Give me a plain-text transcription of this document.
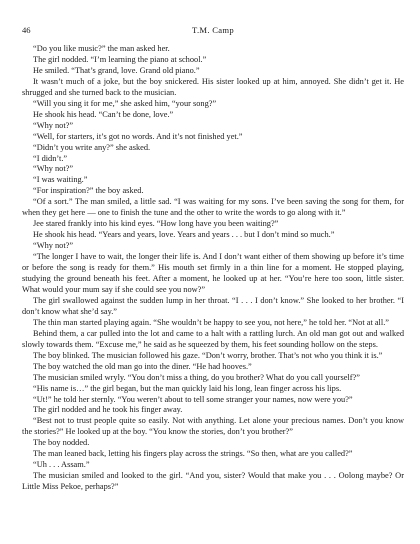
46	T.M. Camp

“Do you like music?” the man asked her.

The girl nodded. “I’m learning the piano at school.”

He smiled. “That’s grand, love. Grand old piano.”

It wasn’t much of a joke, but the boy snickered. His sister looked up at him, annoyed. She didn’t get it. He shrugged and she turned back to the musician.

“Will you sing it for me,” she asked him, “your song?”

He shook his head. “Can’t be done, love.”

“Why not?”

“Well, for starters, it’s got no words. And it’s not finished yet.”

“Didn’t you write any?” she asked.

“I didn’t.”

“Why not?”

“I was waiting.”

“For inspiration?” the boy asked.

“Of a sort.” The man smiled, a little sad. “I was waiting for my sons. I’ve been saving the song for them, for when they get here — one to finish the tune and the other to write the words to go along with it.”

Jee stared frankly into his kind eyes. “How long have you been waiting?”

He shook his head. “Years and years, love. Years and years . . . but I don’t mind so much.”

“Why not?”

“The longer I have to wait, the longer their life is. And I don’t want either of them showing up before it’s time or before the song is ready for them.” His mouth set firmly in a thin line for a moment. He stopped playing, studying the ground beneath his feet. After a moment, he looked up at her. “You’re here too soon, little sister. What would your mum say if she could see you now?”

The girl swallowed against the sudden lump in her throat. “I . . . I don’t know.” She looked to her brother. “I don’t know what she’d say.”

The thin man started playing again. “She wouldn’t be happy to see you, not here,” he told her. “Not at all.”

Behind them, a car pulled into the lot and came to a halt with a rattling lurch. An old man got out and walked slowly towards them. “Excuse me,” he said as he squeezed by them, his feet sounding hollow on the steps.

The boy blinked. The musician followed his gaze. “Don’t worry, brother. That’s not who you think it is.”

The boy watched the old man go into the diner. “He had hooves.”

The musician smiled wryly. “You don’t miss a thing, do you brother? What do you call yourself?”

“His name is…” the girl began, but the man quickly laid his long, lean finger across his lips.

“Ut!” he told her sternly. “You weren’t about to tell some stranger your names, now were you?”

The girl nodded and he took his finger away.

“Best not to trust people quite so easily. Not with anything. Let alone your precious names. Don’t you know the stories?” He looked up at the boy. “You know the stories, don’t you brother?”

The boy nodded.

The man leaned back, letting his fingers play across the strings. “So then, what are you called?”

“Uh . . . Assam.”

The musician smiled and looked to the girl. “And you, sister? Would that make you . . . Oolong maybe? Or Little Miss Pekoe, perhaps?”
